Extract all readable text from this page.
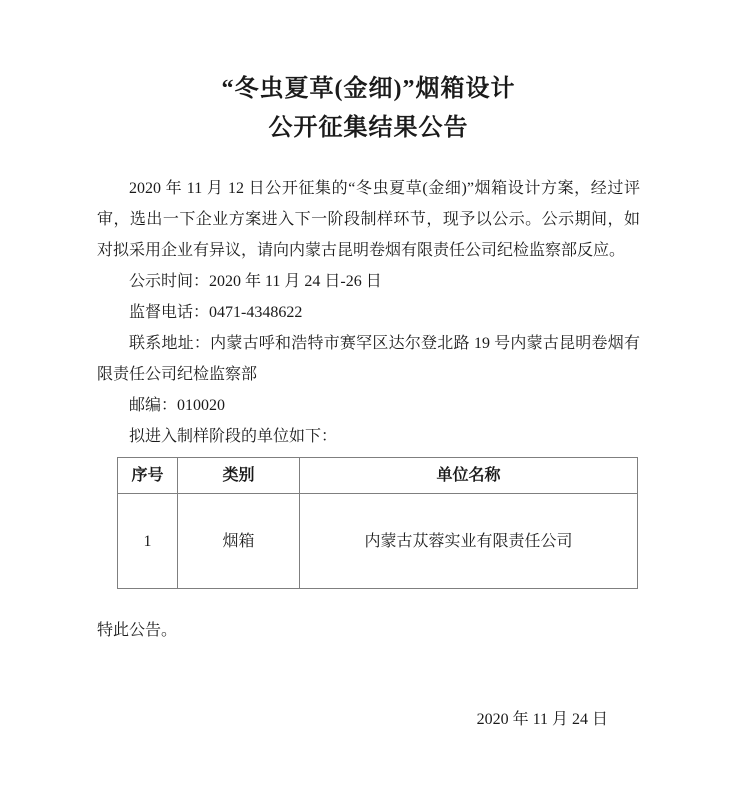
“冬虫夏草(金细)”烟箱设计
公开征集结果公告

2020 年 11 月 12 日公开征集的“冬虫夏草(金细)”烟箱设计方案，经过评审，选出一下企业方案进入下一阶段制样环节，现予以公示。公示期间，如对拟采用企业有异议，请向内蒙古昆明卷烟有限责任公司纪检监察部反应。

公示时间：2020 年 11 月 24 日-26 日
监督电话：0471-4348622
联系地址：内蒙古呼和浩特市赛罕区达尔登北路 19 号内蒙古昆明卷烟有限责任公司纪检监察部
邮编：010020
拟进入制样阶段的单位如下：
序号	类别	单位名称
1	烟箱	内蒙古苁蓉实业有限责任公司

特此公告。

2020 年 11 月 24 日
